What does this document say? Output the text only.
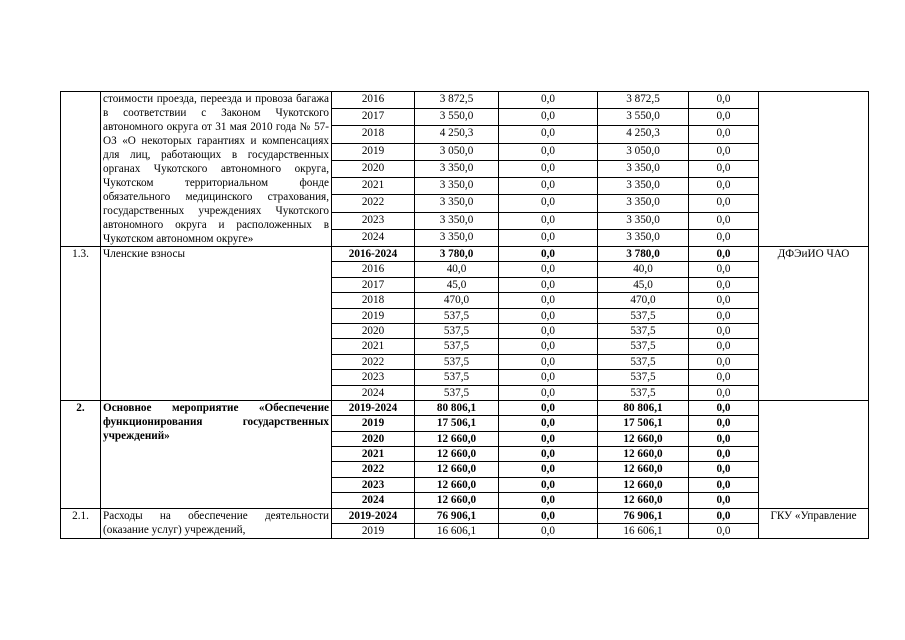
	стоимости проезда, переезда и провоза багажа в соответствии с Законом Чукотского автономного округа от 31 мая 2010 года № 57-ОЗ «О некоторых гарантиях и компенсациях для лиц, работающих в государственных органах Чукотского автономного округа, Чукотском территориальном фонде обязательного медицинского страхования, государственных учреждениях Чукотского автономного округа и расположенных в Чукотском автономном округе»	2016	3 872,5	0,0	3 872,5	0,0	
		2017	3 550,0	0,0	3 550,0	0,0	
		2018	4 250,3	0,0	4 250,3	0,0	
		2019	3 050,0	0,0	3 050,0	0,0	
		2020	3 350,0	0,0	3 350,0	0,0	
		2021	3 350,0	0,0	3 350,0	0,0	
		2022	3 350,0	0,0	3 350,0	0,0	
		2023	3 350,0	0,0	3 350,0	0,0	
		2024	3 350,0	0,0	3 350,0	0,0	
1.3.	Членские взносы	2016-2024	3 780,0	0,0	3 780,0	0,0	ДФЭиИО ЧАО
		2016	40,0	0,0	40,0	0,0	
		2017	45,0	0,0	45,0	0,0	
		2018	470,0	0,0	470,0	0,0	
		2019	537,5	0,0	537,5	0,0	
		2020	537,5	0,0	537,5	0,0	
		2021	537,5	0,0	537,5	0,0	
		2022	537,5	0,0	537,5	0,0	
		2023	537,5	0,0	537,5	0,0	
		2024	537,5	0,0	537,5	0,0	
2.	Основное мероприятие «Обеспечение функционирования государственных учреждений»	2019-2024	80 806,1	0,0	80 806,1	0,0	
		2019	17 506,1	0,0	17 506,1	0,0	
		2020	12 660,0	0,0	12 660,0	0,0	
		2021	12 660,0	0,0	12 660,0	0,0	
		2022	12 660,0	0,0	12 660,0	0,0	
		2023	12 660,0	0,0	12 660,0	0,0	
		2024	12 660,0	0,0	12 660,0	0,0	
2.1.	Расходы на обеспечение деятельности (оказание услуг) учреждений,	2019-2024	76 906,1	0,0	76 906,1	0,0	ГКУ «Управление
		2019	16 606,1	0,0	16 606,1	0,0	
